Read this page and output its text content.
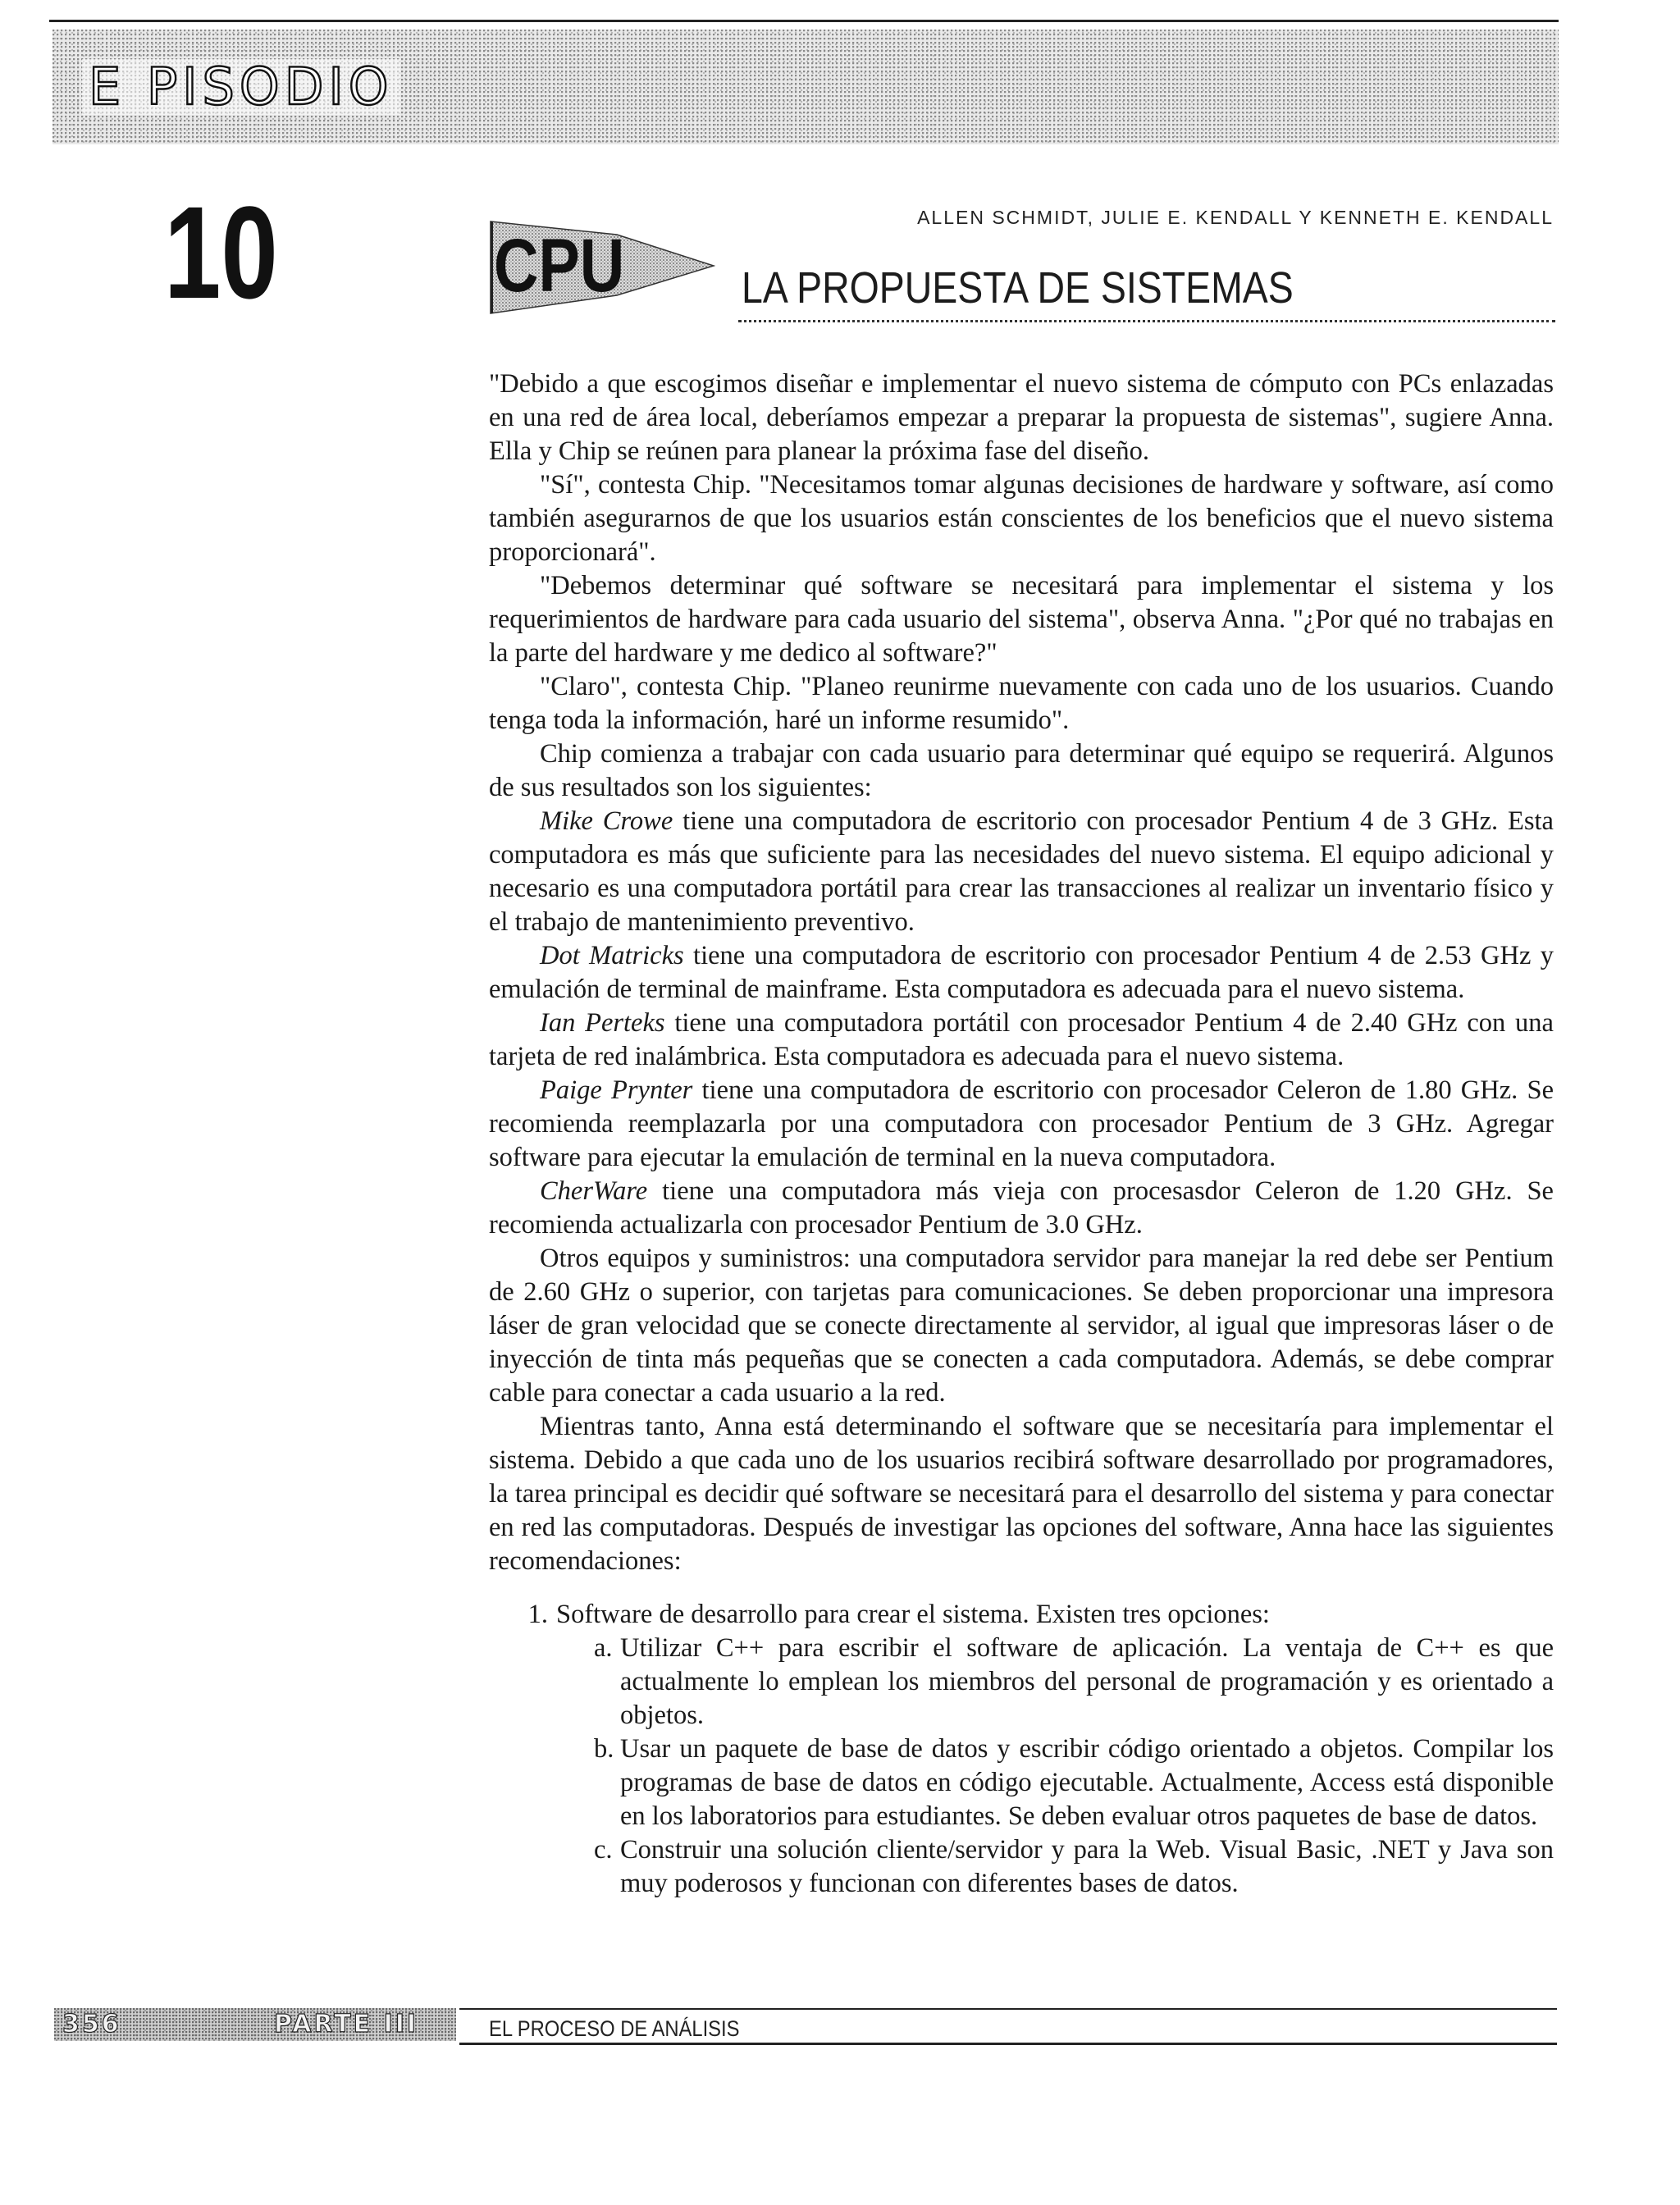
E PISODIO
10	CPU
ALLEN SCHMIDT, JULIE E. KENDALL Y KENNETH E. KENDALL
LA PROPUESTA DE SISTEMAS

"Debido a que escogimos diseñar e implementar el nuevo sistema de cómputo con PCs enlazadas en una red de área local, deberíamos empezar a preparar la propuesta de sistemas", sugiere Anna. Ella y Chip se reúnen para planear la próxima fase del diseño.

"Sí", contesta Chip. "Necesitamos tomar algunas decisiones de hardware y software, así como también asegurarnos de que los usuarios están conscientes de los beneficios que el nuevo sistema proporcionará".

"Debemos determinar qué software se necesitará para implementar el sistema y los requerimientos de hardware para cada usuario del sistema", observa Anna. "¿Por qué no trabajas en la parte del hardware y me dedico al software?"

"Claro", contesta Chip. "Planeo reunirme nuevamente con cada uno de los usuarios. Cuando tenga toda la información, haré un informe resumido".

Chip comienza a trabajar con cada usuario para determinar qué equipo se requerirá. Algunos de sus resultados son los siguientes:

Mike Crowe tiene una computadora de escritorio con procesador Pentium 4 de 3 GHz. Esta computadora es más que suficiente para las necesidades del nuevo sistema. El equipo adicional y necesario es una computadora portátil para crear las transacciones al realizar un inventario físico y el trabajo de mantenimiento preventivo.

Dot Matricks tiene una computadora de escritorio con procesador Pentium 4 de 2.53 GHz y emulación de terminal de mainframe. Esta computadora es adecuada para el nuevo sistema.

Ian Perteks tiene una computadora portátil con procesador Pentium 4 de 2.40 GHz con una tarjeta de red inalámbrica. Esta computadora es adecuada para el nuevo sistema.

Paige Prynter tiene una computadora de escritorio con procesador Celeron de 1.80 GHz. Se recomienda reemplazarla por una computadora con procesador Pentium de 3 GHz. Agregar software para ejecutar la emulación de terminal en la nueva computadora.

CherWare tiene una computadora más vieja con procesasdor Celeron de 1.20 GHz. Se recomienda actualizarla con procesador Pentium de 3.0 GHz.

Otros equipos y suministros: una computadora servidor para manejar la red debe ser Pentium de 2.60 GHz o superior, con tarjetas para comunicaciones. Se deben proporcionar una impresora láser de gran velocidad que se conecte directamente al servidor, al igual que impresoras láser o de inyección de tinta más pequeñas que se conecten a cada computadora. Además, se debe comprar cable para conectar a cada usuario a la red.

Mientras tanto, Anna está determinando el software que se necesitaría para implementar el sistema. Debido a que cada uno de los usuarios recibirá software desarrollado por programadores, la tarea principal es decidir qué software se necesitará para el desarrollo del sistema y para conectar en red las computadoras. Después de investigar las opciones del software, Anna hace las siguientes recomendaciones:

1. Software de desarrollo para crear el sistema. Existen tres opciones:
a. Utilizar C++ para escribir el software de aplicación. La ventaja de C++ es que actualmente lo emplean los miembros del personal de programación y es orientado a objetos.
b. Usar un paquete de base de datos y escribir código orientado a objetos. Compilar los programas de base de datos en código ejecutable. Actualmente, Access está disponible en los laboratorios para estudiantes. Se deben evaluar otros paquetes de base de datos.
c. Construir una solución cliente/servidor y para la Web. Visual Basic, .NET y Java son muy poderosos y funcionan con diferentes bases de datos.
356	PARTE III	EL PROCESO DE ANÁLISIS
